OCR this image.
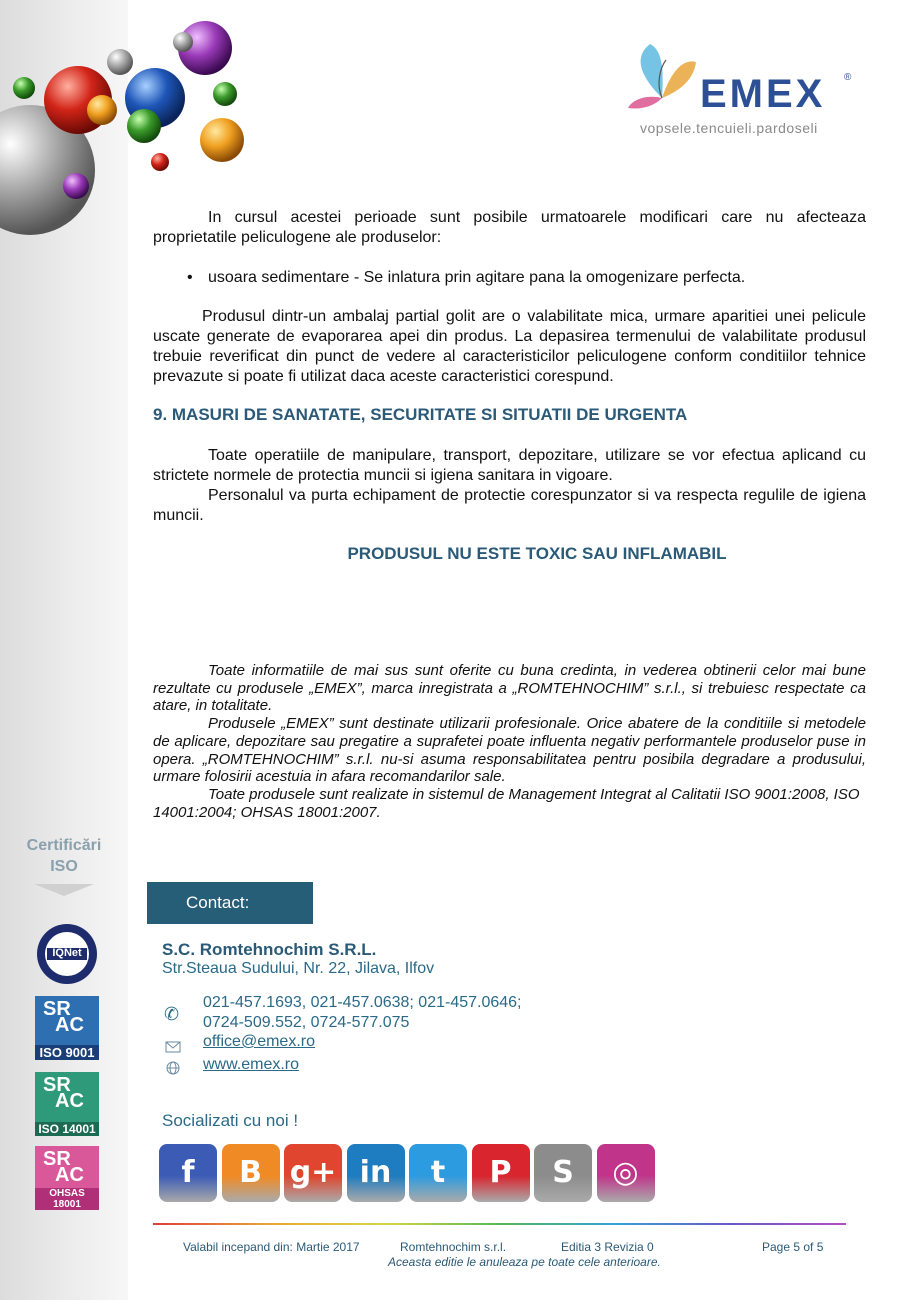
EMEX ®
vopsele.tencuieli.pardoseli

In cursul acestei perioade sunt posibile urmatoarele modificari care nu afecteaza proprietatile peliculogene ale produselor:

• usoara sedimentare - Se inlatura prin agitare pana la omogenizare perfecta.

Produsul dintr-un ambalaj partial golit are o valabilitate mica, urmare aparitiei unei pelicule uscate generate de evaporarea apei din produs. La depasirea termenului de valabilitate produsul trebuie reverificat din punct de vedere al caracteristicilor peliculogene conform conditiilor tehnice prevazute si poate fi utilizat daca aceste caracteristici corespund.

9. MASURI DE SANATATE, SECURITATE SI SITUATII DE URGENTA

Toate operatiile de manipulare, transport, depozitare, utilizare se vor efectua aplicand cu strictete normele de protectia muncii si igiena sanitara in vigoare.

Personalul va purta echipament de protectie corespunzator si va respecta regulile de igiena muncii.

PRODUSUL NU ESTE TOXIC SAU INFLAMABIL

Toate informatiile de mai sus sunt oferite cu buna credinta, in vederea obtinerii celor mai bune rezultate cu produsele „EMEX”, marca inregistrata a „ROMTEHNOCHIM” s.r.l., si trebuiesc respectate ca atare, in totalitate.

Produsele „EMEX” sunt destinate utilizarii profesionale. Orice abatere de la conditiile si metodele de aplicare, depozitare sau pregatire a suprafetei poate influenta negativ performantele produselor puse in opera. „ROMTEHNOCHIM” s.r.l. nu-si asuma responsabilitatea pentru posibila degradare a produsului, urmare folosirii acestuia in afara recomandarilor sale.

Toate produsele sunt realizate in sistemul de Management Integrat al Calitatii ISO 9001:2008, ISO 14001:2004; OHSAS 18001:2007.

Certificări
ISO
IQNet
SR
AC
ISO 9001
SR
AC
ISO 14001
SR
AC
OHSAS 18001
Contact:
S.C. Romtehnochim S.R.L.
Str.Steaua Sudului, Nr. 22, Jilava, Ilfov
✆
021-457.1693, 021-457.0638; 021-457.0646;
0724-509.552, 0724-577.075
office@emex.ro
www.emex.ro
Socializati cu noi !
f	B g+ in	t	P	S	◎
Valabil incepand din: Martie 2017	Romtehnochim s.r.l.	Editia 3 Revizia 0	Page 5 of 5
Aceasta editie le anuleaza pe toate cele anterioare.
